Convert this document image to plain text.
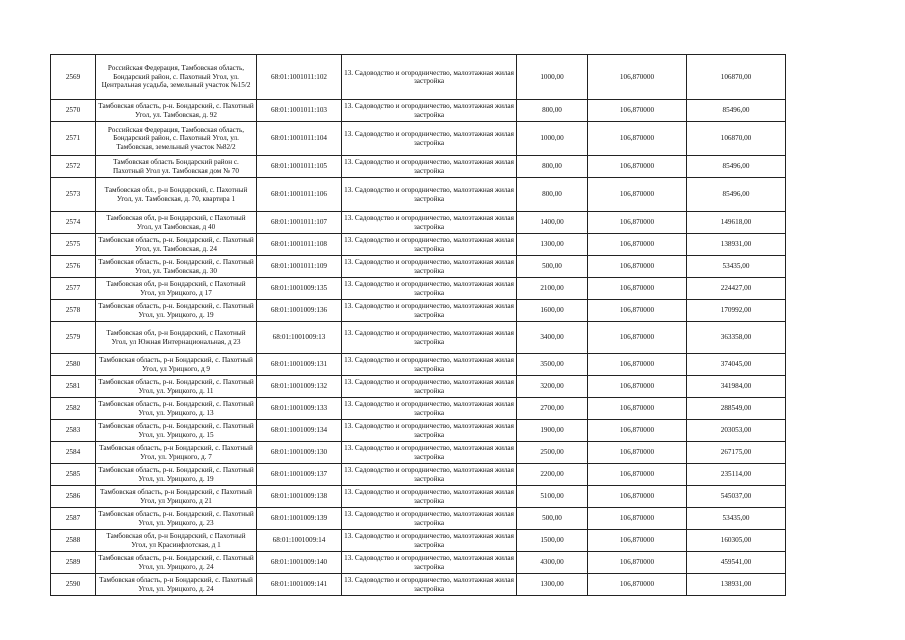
2569	Российская Федерация, Тамбовская область, Бондарский район, с. Пахотный Угол, ул. Центральная усадьба, земельный участок №15/2	68:01:1001011:102	13. Садоводство и огородничество, малоэтажная жилая застройка	1000,00	106,870000	106870,00
2570	Тамбовская область, р-н. Бондарский, с. Пахотный Угол, ул. Тамбовская, д. 92	68:01:1001011:103	13. Садоводство и огородничество, малоэтажная жилая застройка	800,00	106,870000	85496,00
2571	Российская Федерация, Тамбовская область, Бондарский район, с. Пахотный Угол, ул. Тамбовская, земельный участок №82/2	68:01:1001011:104	13. Садоводство и огородничество, малоэтажная жилая застройка	1000,00	106,870000	106870,00
2572	Тамбовская область Бондарский район с. Пахотный Угол ул. Тамбовская дом № 70	68:01:1001011:105	13. Садоводство и огородничество, малоэтажная жилая застройка	800,00	106,870000	85496,00
2573	Тамбовская обл., р-н Бондарский, с. Пахотный Угол, ул. Тамбовская, д. 70, квартира 1	68:01:1001011:106	13. Садоводство и огородничество, малоэтажная жилая застройка	800,00	106,870000	85496,00
2574	Тамбовская обл, р-н Бондарский, с Пахотный Угол, ул Тамбовская, д 40	68:01:1001011:107	13. Садоводство и огородничество, малоэтажная жилая застройка	1400,00	106,870000	149618,00
2575	Тамбовская область, р-н. Бондарский, с. Пахотный Угол, ул. Тамбовская, д. 24	68:01:1001011:108	13. Садоводство и огородничество, малоэтажная жилая застройка	1300,00	106,870000	138931,00
2576	Тамбовская область, р-н. Бондарский, с. Пахотный Угол, ул. Тамбовская, д. 30	68:01:1001011:109	13. Садоводство и огородничество, малоэтажная жилая застройка	500,00	106,870000	53435,00
2577	Тамбовская обл, р-н Бондарский, с Пахотный Угол, ул Урицкого, д 17	68:01:1001009:135	13. Садоводство и огородничество, малоэтажная жилая застройка	2100,00	106,870000	224427,00
2578	Тамбовская область, р-н. Бондарский, с. Пахотный Угол, ул. Урицкого, д. 19	68:01:1001009:136	13. Садоводство и огородничество, малоэтажная жилая застройка	1600,00	106,870000	170992,00
2579	Тамбовская обл, р-н Бондарский, с Пахотный Угол, ул Южная Интернациональная, д 23	68:01:1001009:13	13. Садоводство и огородничество, малоэтажная жилая застройка	3400,00	106,870000	363358,00
2580	Тамбовская область, р-н Бондарский, с. Пахотный Угол, ул Урицкого, д 9	68:01:1001009:131	13. Садоводство и огородничество, малоэтажная жилая застройка	3500,00	106,870000	374045,00
2581	Тамбовская область, р-н. Бондарский, с. Пахотный Угол, ул. Урицкого, д. 11	68:01:1001009:132	13. Садоводство и огородничество, малоэтажная жилая застройка	3200,00	106,870000	341984,00
2582	Тамбовская область, р-н. Бондарский, с. Пахотный Угол, ул. Урицкого, д. 13	68:01:1001009:133	13. Садоводство и огородничество, малоэтажная жилая застройка	2700,00	106,870000	288549,00
2583	Тамбовская область, р-н. Бондарский, с. Пахотный Угол, ул. Урицкого, д. 15	68:01:1001009:134	13. Садоводство и огородничество, малоэтажная жилая застройка	1900,00	106,870000	203053,00
2584	Тамбовская область, р-н Бондарский, с. Пахотный Угол, ул. Урицкого, д. 7	68:01:1001009:130	13. Садоводство и огородничество, малоэтажная жилая застройка	2500,00	106,870000	267175,00
2585	Тамбовская область, р-н. Бондарский, с. Пахотный Угол, ул. Урицкого, д. 19	68:01:1001009:137	13. Садоводство и огородничество, малоэтажная жилая застройка	2200,00	106,870000	235114,00
2586	Тамбовская область, р-н Бондарский, с Пахотный Угол, ул Урицкого, д 21	68:01:1001009:138	13. Садоводство и огородничество, малоэтажная жилая застройка	5100,00	106,870000	545037,00
2587	Тамбовская область, р-н. Бондарский, с. Пахотный Угол, ул. Урицкого, д. 23	68:01:1001009:139	13. Садоводство и огородничество, малоэтажная жилая застройка	500,00	106,870000	53435,00
2588	Тамбовская обл, р-н Бондарский, с Пахотный Угол, ул Красинфлотская, д 1	68:01:1001009:14	13. Садоводство и огородничество, малоэтажная жилая застройка	1500,00	106,870000	160305,00
2589	Тамбовская область, р-н. Бондарский, с. Пахотный Угол, ул. Урицкого, д. 24	68:01:1001009:140	13. Садоводство и огородничество, малоэтажная жилая застройка	4300,00	106,870000	459541,00
2590	Тамбовская область, р-н Бондарский, с. Пахотный Угол, ул. Урицкого, д. 24	68:01:1001009:141	13. Садоводство и огородничество, малоэтажная жилая застройка	1300,00	106,870000	138931,00
